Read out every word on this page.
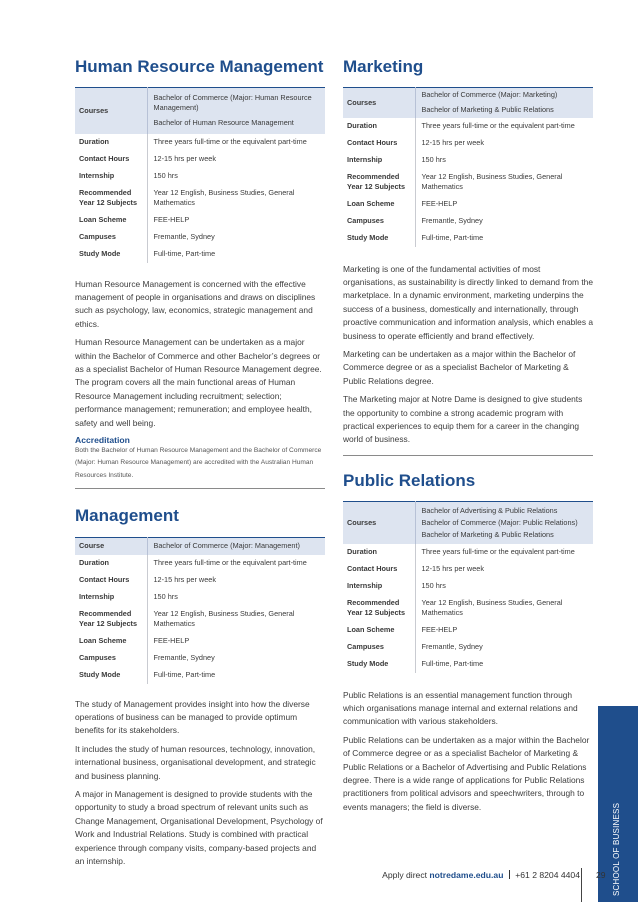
Human Resource Management
Courses	Bachelor of Commerce (Major: Human Resource Management)
Bachelor of Human Resource Management

Duration	Three years full-time or the equivalent part-time
Contact Hours	12-15 hrs per week
Internship	150 hrs
Recommended Year 12 Subjects	Year 12 English, Business Studies, General Mathematics
Loan Scheme	FEE-HELP
Campuses	Fremantle, Sydney
Study Mode	Full-time, Part-time

Human Resource Management is concerned with the effective management of people in organisations and draws on disciplines such as psychology, law, economics, strategic management and ethics.

Human Resource Management can be undertaken as a major within the Bachelor of Commerce and other Bachelor’s degrees or as a specialist Bachelor of Human Resource Management degree. The program covers all the main functional areas of Human Resource Management including recruitment; selection; performance management; remuneration; and employee health, safety and well being.

Accreditation
Both the Bachelor of Human Resource Management and the Bachelor of Commerce (Major: Human Resource Management) are accredited with the Australian Human Resources Institute.
Management
Course	Bachelor of Commerce (Major: Management)
Duration	Three years full-time or the equivalent part-time
Contact Hours	12-15 hrs per week
Internship	150 hrs
Recommended Year 12 Subjects	Year 12 English, Business Studies, General Mathematics
Loan Scheme	FEE-HELP
Campuses	Fremantle, Sydney
Study Mode	Full-time, Part-time

The study of Management provides insight into how the diverse operations of business can be managed to provide optimum benefits for its stakeholders.

It includes the study of human resources, technology, innovation, international business, organisational development, and strategic and business planning.

A major in Management is designed to provide students with the opportunity to study a broad spectrum of relevant units such as Change Management, Organisational Development, Psychology of Work and Industrial Relations. Study is combined with practical experience through company visits, company-based projects and an internship.

Marketing
Courses	Bachelor of Commerce (Major: Marketing)
Bachelor of Marketing & Public Relations

Duration	Three years full-time or the equivalent part-time
Contact Hours	12-15 hrs per week
Internship	150 hrs
Recommended Year 12 Subjects	Year 12 English, Business Studies, General Mathematics
Loan Scheme	FEE-HELP
Campuses	Fremantle, Sydney
Study Mode	Full-time, Part-time

Marketing is one of the fundamental activities of most organisations, as sustainability is directly linked to demand from the marketplace. In a dynamic environment, marketing underpins the success of a business, domestically and internationally, through proactive communication and information analysis, which enables a business to operate efficiently and brand effectively.

Marketing can be undertaken as a major within the Bachelor of Commerce degree or as a specialist Bachelor of Marketing & Public Relations degree.

The Marketing major at Notre Dame is designed to give students the opportunity to combine a strong academic program with practical experiences to equip them for a career in the changing world of business.

Public Relations
Courses	Bachelor of Advertising & Public Relations
Bachelor of Commerce (Major: Public Relations)
Bachelor of Marketing & Public Relations

Duration	Three years full-time or the equivalent part-time
Contact Hours	12-15 hrs per week
Internship	150 hrs
Recommended Year 12 Subjects	Year 12 English, Business Studies, General Mathematics
Loan Scheme	FEE-HELP
Campuses	Fremantle, Sydney
Study Mode	Full-time, Part-time

Public Relations is an essential management function through which organisations manage internal and external relations and communication with various stakeholders.

Public Relations can be undertaken as a major within the Bachelor of Commerce degree or as a specialist Bachelor of Marketing & Public Relations or a Bachelor of Advertising and Public Relations degree. There is a wide range of applications for Public Relations practitioners from political advisors and speechwriters, through to events managers; the field is diverse.	SCHOOL OF BUSINESS
Apply direct notredame.edu.au +61 2 8204 4404 29
